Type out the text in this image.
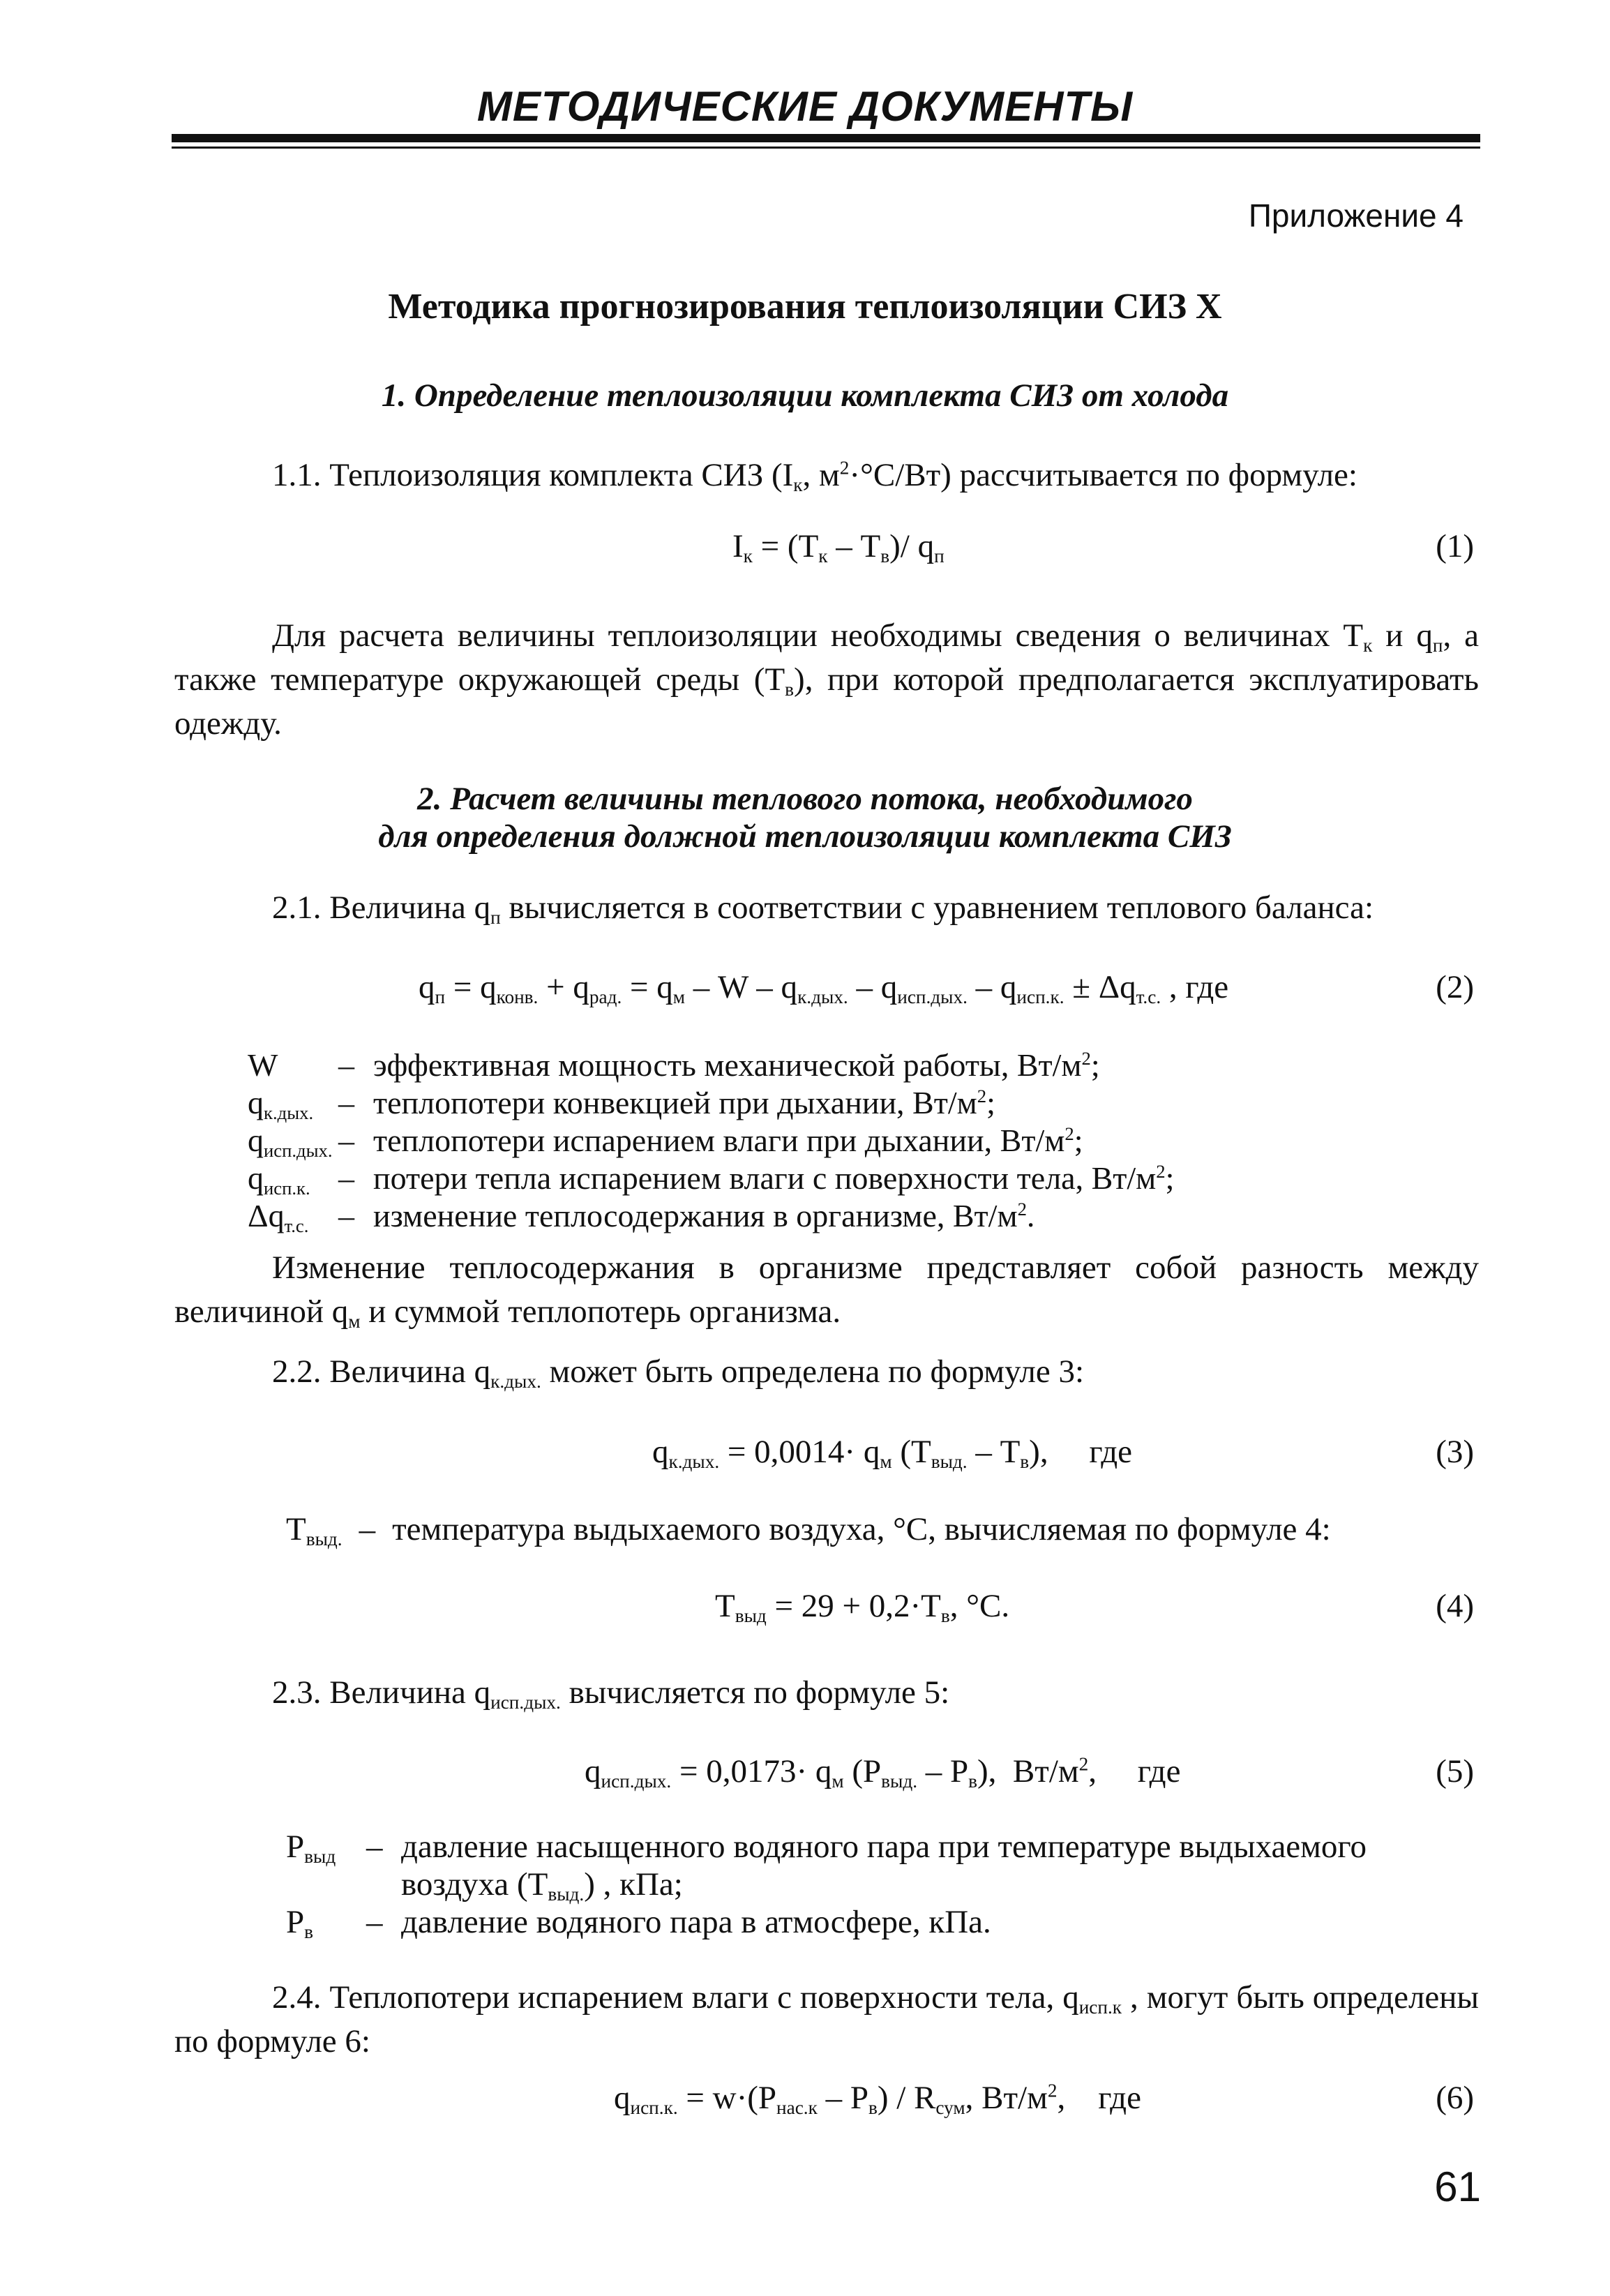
МЕТОДИЧЕСКИЕ ДОКУМЕНТЫ
Приложение 4
Методика прогнозирования теплоизоляции СИЗ Х
1. Определение теплоизоляции комплекта СИЗ от холода
1.1. Теплоизоляция комплекта СИЗ ($I_к$, $м^2\cdot^\circ С/Вт$) рассчитывается по формуле:
$I_к = (Т_к - Т_в)/$ $q_п$	(1)
Для расчета величины теплоизоляции необходимы сведения о величинах $Т_к$ и $q_п$, а также температуре окружающей среды $(Т_в)$, при которой предполагается эксплуатировать одежду.
2. Расчет величины теплового потока, необходимого
для определения должной теплоизоляции комплекта СИЗ
2.1. Величина $q_п$ вычисляется в соответствии с уравнением теплового баланса:
$q_п = q_{конв.} + q_{рад.} = q_м - W - q_{к.дых.} - q_{исп.дых.} - q_{исп.к.} \pm \Delta q_{т.с.}$ , где	(2)
W	– эффективная мощность механической работы, $Вт/м^2$;
$q_{к.дых.}$ – теплопотери конвекцией при дыхании, $Вт/м^2$;
$q_{исп.дых.}$ – теплопотери испарением влаги при дыхании, $Вт/м^2$;
$q_{исп.к.}$ – потери тепла испарением влаги с поверхности тела, $Вт/м^2$;
$\Delta q_{т.с.}$ – изменение теплосодержания в организме, $Вт/м^2$.
Изменение теплосодержания в организме представляет собой разность между величиной $q_м$ и суммой теплопотерь организма.
2.2. Величина $q_{к.дых.}$ может быть определена по формуле 3:
$q_{к.дых.} = 0,0014\cdot q_м$ $(Т_{выд.} - Т_в)$,     где	(3)
$Т_{выд.}$ – температура выдыхаемого воздуха, °С, вычисляемая по формуле 4:
$Т_{выд} = 29 + 0,2\cdot Т_в$, °С.	(4)
2.3. Величина $q_{исп.дых.}$ вычисляется по формуле 5:
$q_{исп.дых.} = 0,0173\cdot q_м$ $(Р_{выд.} - Р_в)$,  $Вт/м^2$,     где	(5)
$Р_{выд}$ – давление насыщенного водяного пара при температуре выдыхаемого
воздуха $(Т_{выд.})$ , кПа;
$Р_в$	– давление водяного пара в атмосфере, кПа.
2.4. Теплопотери испарением влаги с поверхности тела, $q_{исп.к}$ , могут быть определены по формуле 6:
$q_{исп.к.} = w\cdot(Р_{нас.к} - Р_в) / R_{сум}$, $Вт/м^2$,    где	(6)
61
